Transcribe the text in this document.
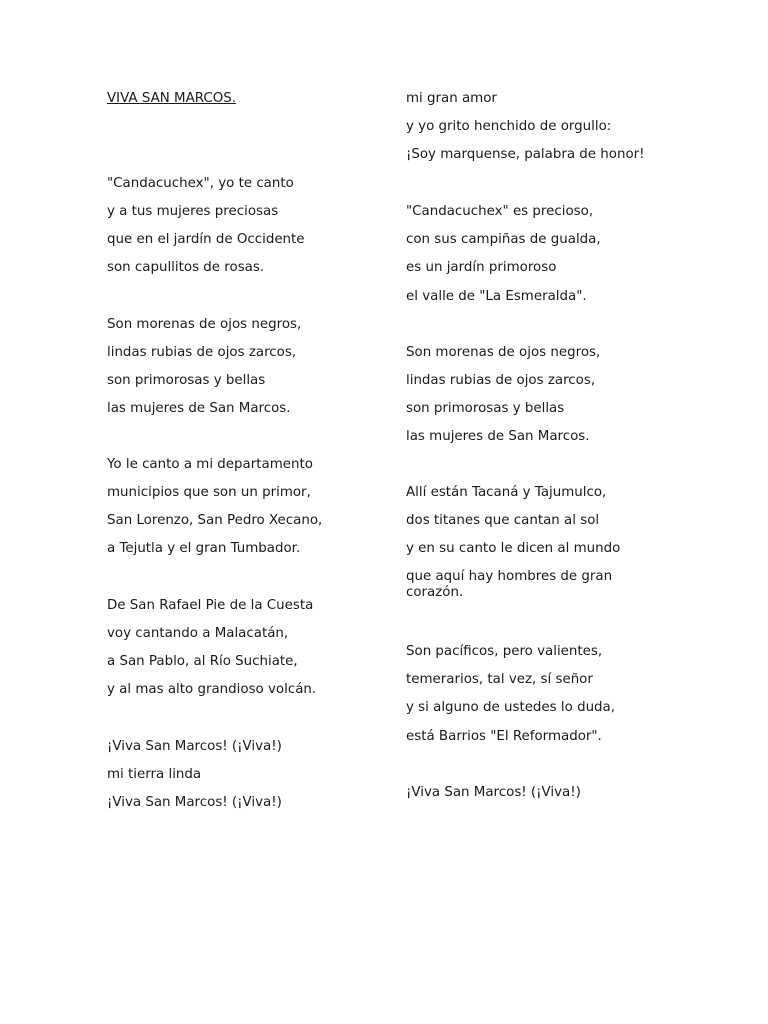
VIVA SAN MARCOS.
"Candacuchex", yo te canto
y a tus mujeres preciosas
que en el jardín de Occidente
son capullitos de rosas.
Son morenas de ojos negros,
lindas rubias de ojos zarcos,
son primorosas y bellas
las mujeres de San Marcos.
Yo le canto a mi departamento
municipios que son un primor,
San Lorenzo, San Pedro Xecano,
a Tejutla y el gran Tumbador.
De San Rafael Pie de la Cuesta
voy cantando a Malacatán,
a San Pablo, al Río Suchiate,
y al mas alto grandioso volcán.
¡Viva San Marcos! (¡Viva!)
mi tierra linda
¡Viva San Marcos! (¡Viva!)
mi gran amor
y yo grito henchido de orgullo:
¡Soy marquense, palabra de honor!
"Candacuchex" es precioso,
con sus campiñas de gualda,
es un jardín primoroso
el valle de "La Esmeralda".
Son morenas de ojos negros,
lindas rubias de ojos zarcos,
son primorosas y bellas
las mujeres de San Marcos.
Allí están Tacaná y Tajumulco,
dos titanes que cantan al sol
y en su canto le dicen al mundo
que aquí hay hombres de gran corazón.
Son pacíficos, pero valientes,
temerarios, tal vez, sí señor
y si alguno de ustedes lo duda,
está Barrios "El Reformador".
¡Viva San Marcos! (¡Viva!)
